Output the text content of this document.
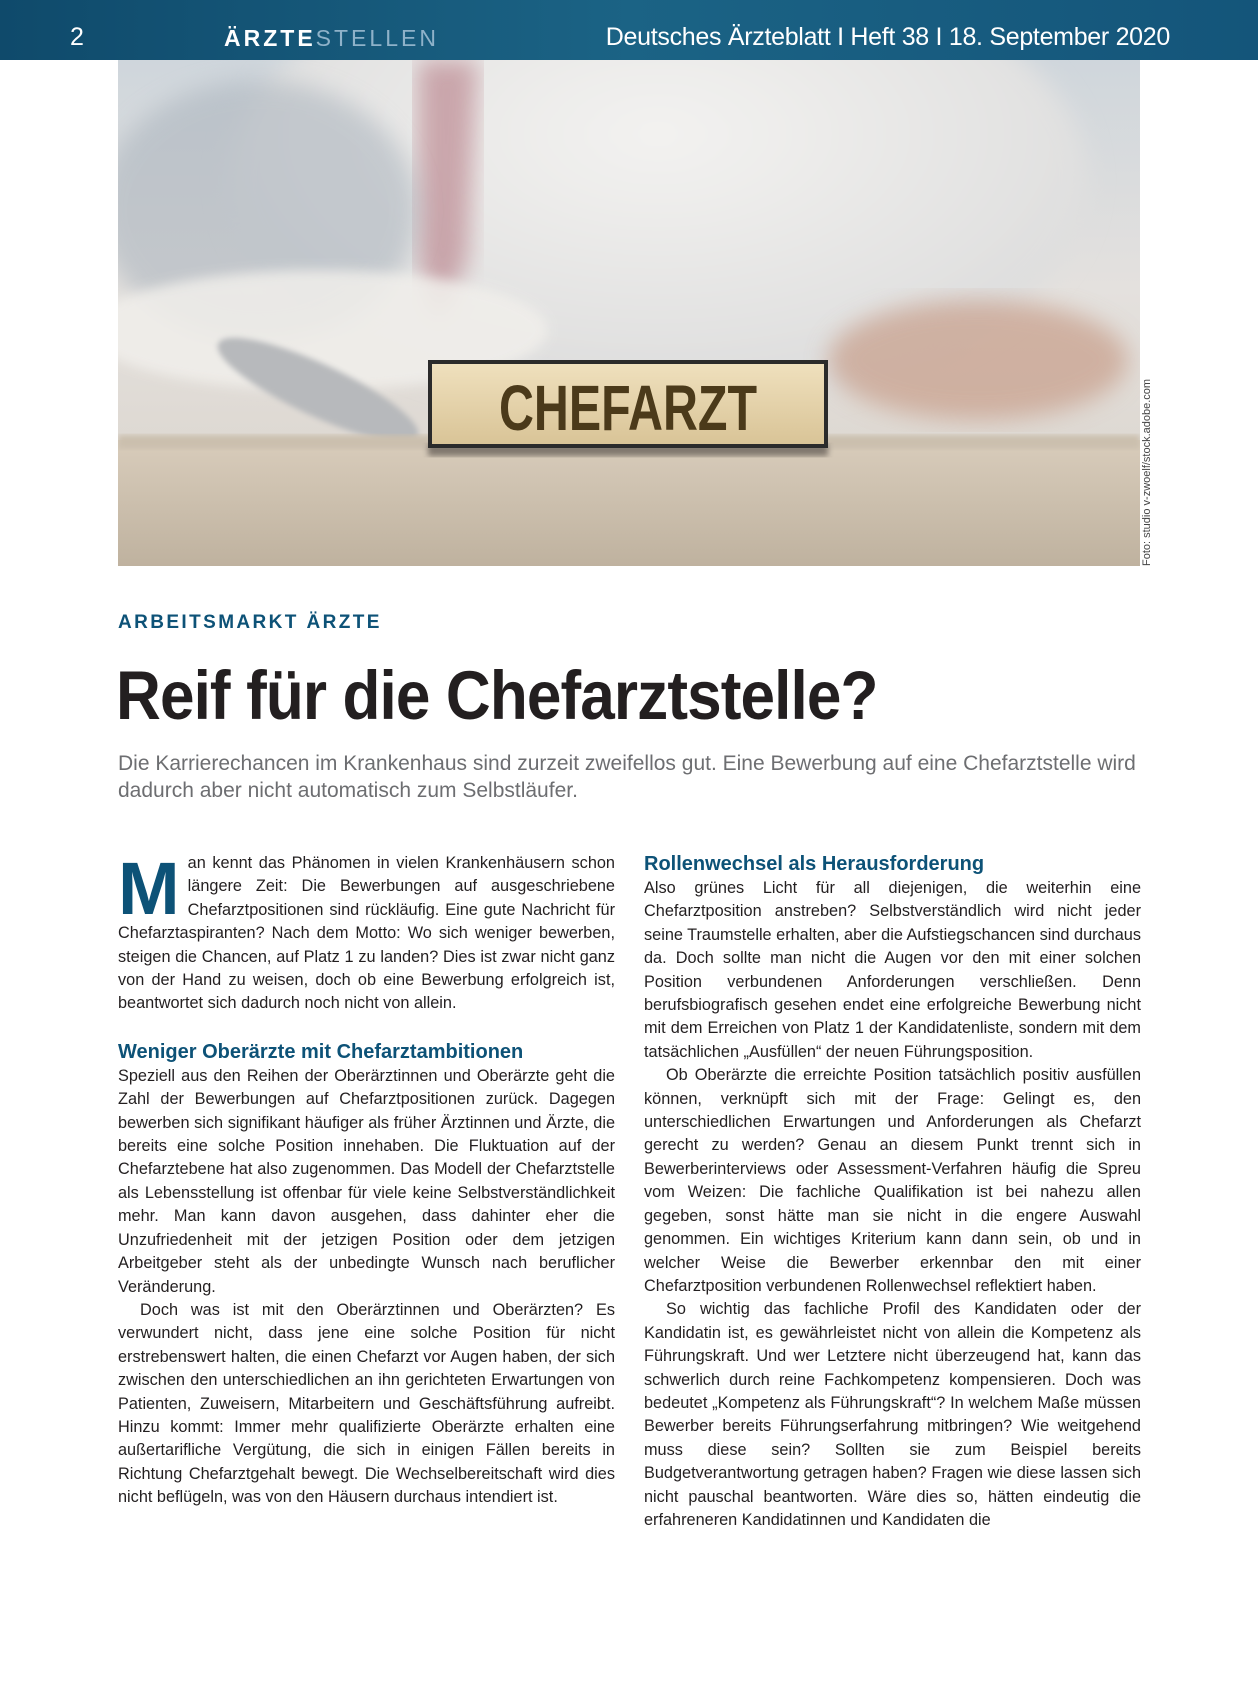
2	ÄRZTESTELLEN	Deutsches Ärzteblatt I Heft 38 I 18. September 2020
CHEFARZT	Foto: studio v-zwoelf/stock.adobe.com
ARBEITSMARKT ÄRZTE
Reif für die Chefarztstelle?

Die Karrierechancen im Krankenhaus sind zurzeit zweifellos gut. Eine Bewerbung auf eine Chefarztstelle wird dadurch aber nicht automatisch zum Selbstläufer.

Man kennt das Phänomen in vielen Krankenhäusern schon längere Zeit: Die Bewerbungen auf ausgeschriebene Chefarztpositionen sind rückläufig. Eine gute Nachricht für Chefarztaspiranten? Nach dem Motto: Wo sich weniger bewerben, steigen die Chancen, auf Platz 1 zu landen? Dies ist zwar nicht ganz von der Hand zu weisen, doch ob eine Bewerbung erfolgreich ist, beantwortet sich dadurch noch nicht von allein.

Weniger Oberärzte mit Chefarztambitionen

Speziell aus den Reihen der Oberärztinnen und Oberärzte geht die Zahl der Bewerbungen auf Chefarztpositionen zurück. Dagegen bewerben sich signifikant häufiger als früher Ärztinnen und Ärzte, die bereits eine solche Position innehaben. Die Fluktuation auf der Chefarztebene hat also zugenommen. Das Modell der Chefarztstelle als Lebensstellung ist offenbar für viele keine Selbstverständlichkeit mehr. Man kann davon ausgehen, dass dahinter eher die Unzufriedenheit mit der jetzigen Position oder dem jetzigen Arbeitgeber steht als der unbedingte Wunsch nach beruflicher Veränderung.

Doch was ist mit den Oberärztinnen und Oberärzten? Es verwundert nicht, dass jene eine solche Position für nicht erstrebenswert halten, die einen Chefarzt vor Augen haben, der sich zwischen den unterschiedlichen an ihn gerichteten Erwartungen von Patienten, Zuweisern, Mitarbeitern und Geschäftsführung aufreibt. Hinzu kommt: Immer mehr qualifizierte Oberärzte erhalten eine außertarifliche Vergütung, die sich in einigen Fällen bereits in Richtung Chefarztgehalt bewegt. Die Wechselbereitschaft wird dies nicht beflügeln, was von den Häusern durchaus intendiert ist.

Rollenwechsel als Herausforderung

Also grünes Licht für all diejenigen, die weiterhin eine Chefarztposition anstreben? Selbstverständlich wird nicht jeder seine Traumstelle erhalten, aber die Aufstiegschancen sind durchaus da. Doch sollte man nicht die Augen vor den mit einer solchen Position verbundenen Anforderungen verschließen. Denn berufsbiografisch gesehen endet eine erfolgreiche Bewerbung nicht mit dem Erreichen von Platz 1 der Kandidatenliste, sondern mit dem tatsächlichen „Ausfüllen“ der neuen Führungsposition.

Ob Oberärzte die erreichte Position tatsächlich positiv ausfüllen können, verknüpft sich mit der Frage: Gelingt es, den unterschiedlichen Erwartungen und Anforderungen als Chefarzt gerecht zu werden? Genau an diesem Punkt trennt sich in Bewerberinterviews oder Assessment-Verfahren häufig die Spreu vom Weizen: Die fachliche Qualifikation ist bei nahezu allen gegeben, sonst hätte man sie nicht in die engere Auswahl genommen. Ein wichtiges Kriterium kann dann sein, ob und in welcher Weise die Bewerber erkennbar den mit einer Chefarztposition verbundenen Rollenwechsel reflektiert haben.

So wichtig das fachliche Profil des Kandidaten oder der Kandidatin ist, es gewährleistet nicht von allein die Kompetenz als Führungskraft. Und wer Letztere nicht überzeugend hat, kann das schwerlich durch reine Fachkompetenz kompensieren. Doch was bedeutet „Kompetenz als Führungskraft“? In welchem Maße müssen Bewerber bereits Führungserfahrung mitbringen? Wie weitgehend muss diese sein? Sollten sie zum Beispiel bereits Budgetverantwortung getragen haben? Fragen wie diese lassen sich nicht pauschal beantworten. Wäre dies so, hätten eindeutig die erfahreneren Kandidatinnen und Kandidaten die
